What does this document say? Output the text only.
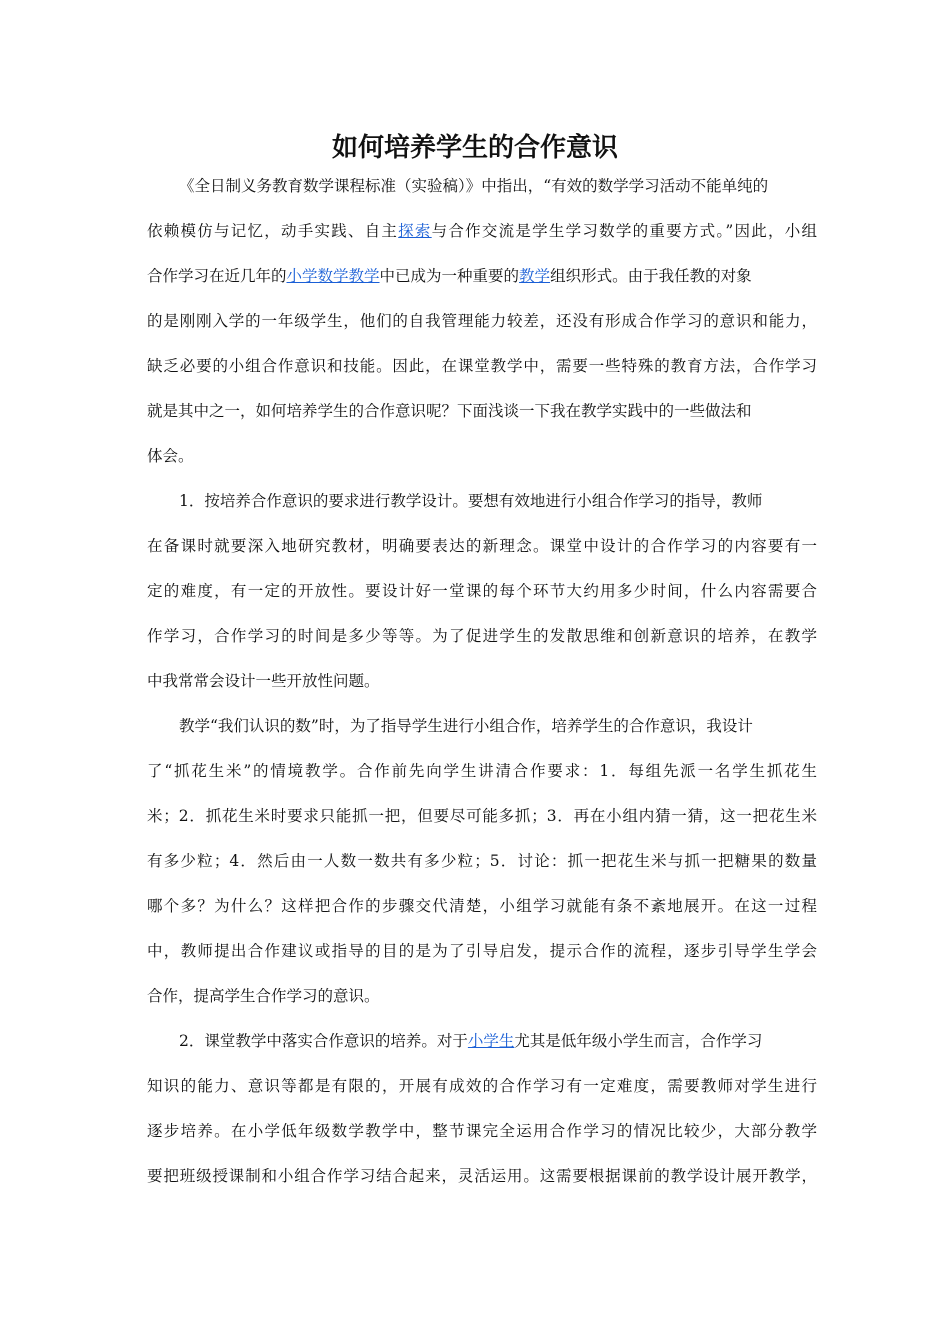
如何培养学生的合作意识
《全日制义务教育数学课程标准（实验稿）》中指出，“有效的数学学习活动不能单纯的
依赖模仿与记忆，动手实践、自主探索与合作交流是学生学习数学的重要方式。”因此，小组
合作学习在近几年的小学数学教学中已成为一种重要的教学组织形式。由于我任教的对象
的是刚刚入学的一年级学生，他们的自我管理能力较差，还没有形成合作学习的意识和能力，
缺乏必要的小组合作意识和技能。因此，在课堂教学中，需要一些特殊的教育方法，合作学习
就是其中之一，如何培养学生的合作意识呢？下面浅谈一下我在教学实践中的一些做法和
体会。
1．按培养合作意识的要求进行教学设计。要想有效地进行小组合作学习的指导，教师
在备课时就要深入地研究教材，明确要表达的新理念。课堂中设计的合作学习的内容要有一
定的难度，有一定的开放性。要设计好一堂课的每个环节大约用多少时间，什么内容需要合
作学习，合作学习的时间是多少等等。为了促进学生的发散思维和创新意识的培养，在教学
中我常常会设计一些开放性问题。
教学“我们认识的数”时，为了指导学生进行小组合作，培养学生的合作意识，我设计
了“抓花生米”的情境教学。合作前先向学生讲清合作要求：1．每组先派一名学生抓花生
米；2．抓花生米时要求只能抓一把，但要尽可能多抓；3．再在小组内猜一猜，这一把花生米
有多少粒；4．然后由一人数一数共有多少粒；5．讨论：抓一把花生米与抓一把糖果的数量
哪个多？为什么？这样把合作的步骤交代清楚，小组学习就能有条不紊地展开。在这一过程
中，教师提出合作建议或指导的目的是为了引导启发，提示合作的流程，逐步引导学生学会
合作，提高学生合作学习的意识。
2．课堂教学中落实合作意识的培养。对于小学生尤其是低年级小学生而言，合作学习
知识的能力、意识等都是有限的，开展有成效的合作学习有一定难度，需要教师对学生进行
逐步培养。在小学低年级数学教学中，整节课完全运用合作学习的情况比较少，大部分教学
要把班级授课制和小组合作学习结合起来，灵活运用。这需要根据课前的教学设计展开教学，
